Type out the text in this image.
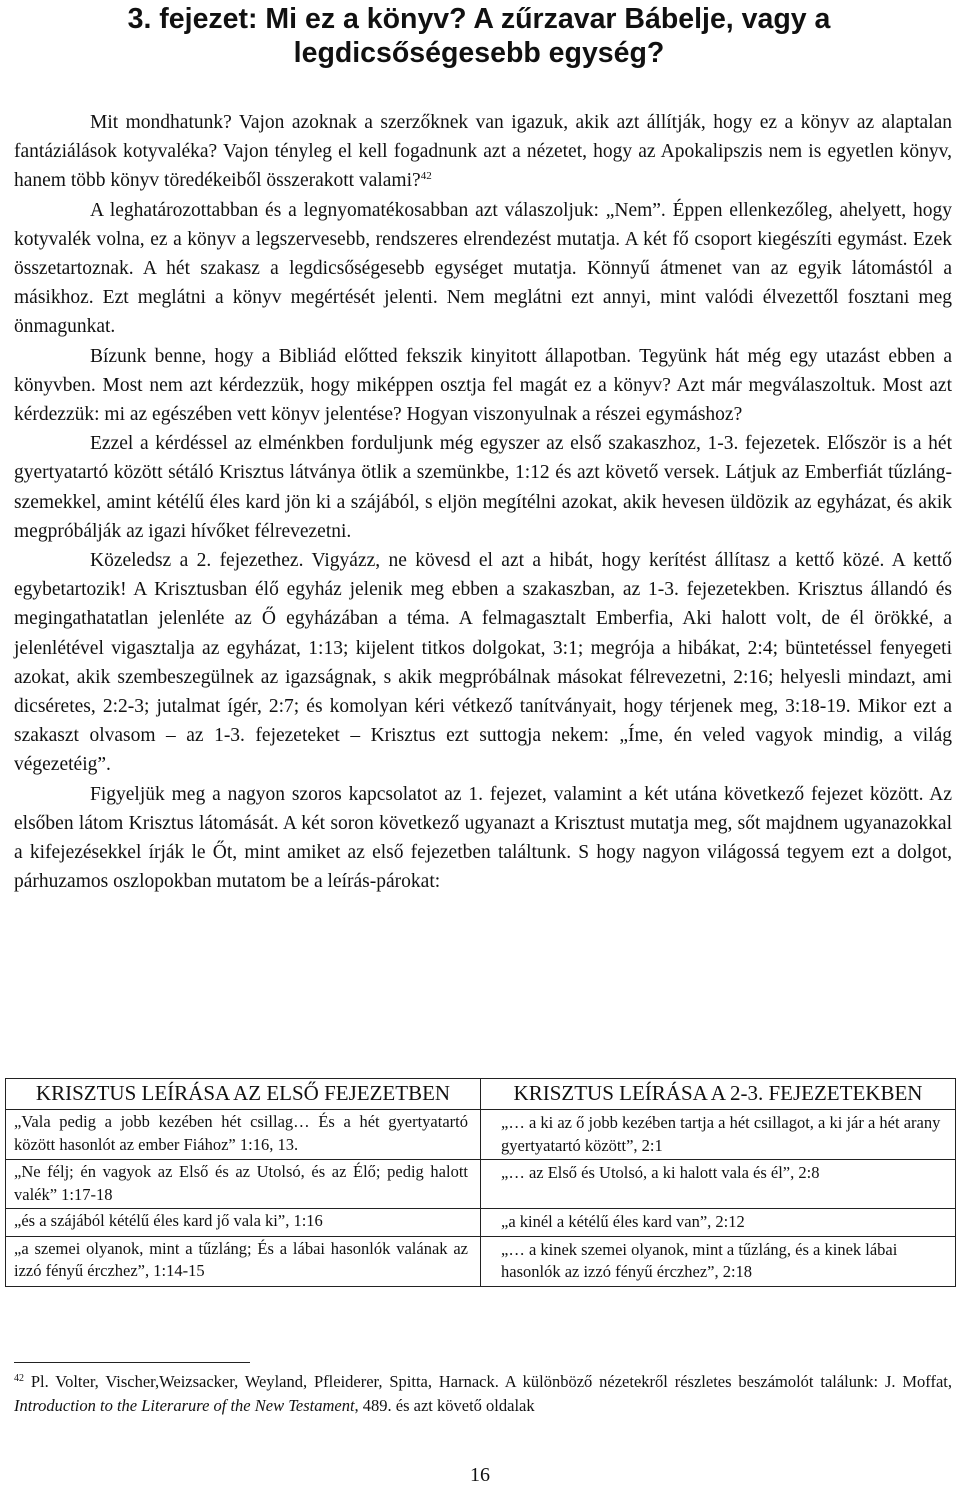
3. fejezet: Mi ez a könyv? A zűrzavar Bábelje, vagy a legdicsőségesebb egység?

Mit mondhatunk? Vajon azoknak a szerzőknek van igazuk, akik azt állítják, hogy ez a könyv az alaptalan fantáziálások kotyvaléka? Vajon tényleg el kell fogadnunk azt a nézetet, hogy az Apokalipszis nem is egyetlen könyv, hanem több könyv töredékeiből összerakott valami?$^{42}$

A leghatározottabban és a legnyomatékosabban azt válaszoljuk: „Nem”. Éppen ellenkezőleg, ahelyett, hogy kotyvalék volna, ez a könyv a legszervesebb, rendszeres elrendezést mutatja. A két fő csoport kiegészíti egymást. Ezek összetartoznak. A hét szakasz a legdicsőségesebb egységet mutatja. Könnyű átmenet van az egyik látomástól a másikhoz. Ezt meglátni a könyv megértését jelenti. Nem meglátni ezt annyi, mint valódi élvezettől fosztani meg önmagunkat.

Bízunk benne, hogy a Bibliád előtted fekszik kinyitott állapotban. Tegyünk hát még egy utazást ebben a könyvben. Most nem azt kérdezzük, hogy miképpen osztja fel magát ez a könyv? Azt már megválaszoltuk. Most azt kérdezzük: mi az egészében vett könyv jelentése? Hogyan viszonyulnak a részei egymáshoz?

Ezzel a kérdéssel az elménkben forduljunk még egyszer az első szakaszhoz, 1-3. fejezetek. Először is a hét gyertyatartó között sétáló Krisztus látványa ötlik a szemünkbe, 1:12 és azt követő versek. Látjuk az Emberfiát tűzláng-szemekkel, amint kétélű éles kard jön ki a szájából, s eljön megítélni azokat, akik hevesen üldözik az egyházat, és akik megpróbálják az igazi hívőket félrevezetni.

Közeledsz a 2. fejezethez. Vigyázz, ne kövesd el azt a hibát, hogy kerítést állítasz a kettő közé. A kettő egybetartozik! A Krisztusban élő egyház jelenik meg ebben a szakaszban, az 1-3. fejezetekben. Krisztus állandó és megingathatatlan jelenléte az Ő egyházában a téma. A felmagasztalt Emberfia, Aki halott volt, de él örökké, a jelenlétével vigasztalja az egyházat, 1:13; kijelent titkos dolgokat, 3:1; megrója a hibákat, 2:4; büntetéssel fenyegeti azokat, akik szembeszegülnek az igazságnak, s akik megpróbálnak másokat félrevezetni, 2:16; helyesli mindazt, ami dicséretes, 2:2-3; jutalmat ígér, 2:7; és komolyan kéri vétkező tanítványait, hogy térjenek meg, 3:18-19. Mikor ezt a szakaszt olvasom – az 1-3. fejezeteket – Krisztus ezt suttogja nekem: „Íme, én veled vagyok mindig, a világ végezetéig”.

Figyeljük meg a nagyon szoros kapcsolatot az 1. fejezet, valamint a két utána következő fejezet között. Az elsőben látom Krisztus látomását. A két soron következő ugyanazt a Krisztust mutatja meg, sőt majdnem ugyanazokkal a kifejezésekkel írják le Őt, mint amiket az első fejezetben találtunk. S hogy nagyon világossá tegyem ezt a dolgot, párhuzamos oszlopokban mutatom be a leírás-párokat:

KRISZTUS LEÍRÁSA AZ ELSŐ FEJEZETBEN	KRISZTUS LEÍRÁSA A 2-3. FEJEZETEKBEN
„Vala pedig a jobb kezében hét csillag… És a hét gyertyatartó között hasonlót az ember Fiához” 1:16, 13.	„… a ki az ő jobb kezében tartja a hét csillagot, a ki jár a hét arany gyertyatartó között”, 2:1
„Ne félj; én vagyok az Első és az Utolsó, és az Élő; pedig halott valék” 1:17-18	„… az Első és Utolsó, a ki halott vala és él”, 2:8
„és a szájából kétélű éles kard jő vala ki”, 1:16	„a kinél a kétélű éles kard van”, 2:12
„a szemei olyanok, mint a tűzláng; És a lábai hasonlók valának az izzó fényű érczhez”, 1:14-15	„… a kinek szemei olyanok, mint a tűzláng, és a kinek lábai hasonlók az izzó fényű érczhez”, 2:18
$^{42}$ Pl. Volter, Vischer,Weizsacker, Weyland, Pfleiderer, Spitta, Harnack. A különböző nézetekről részletes beszámolót találunk: J. Moffat, Introduction to the Literarure of the New Testament, 489. és azt követő oldalak
16
